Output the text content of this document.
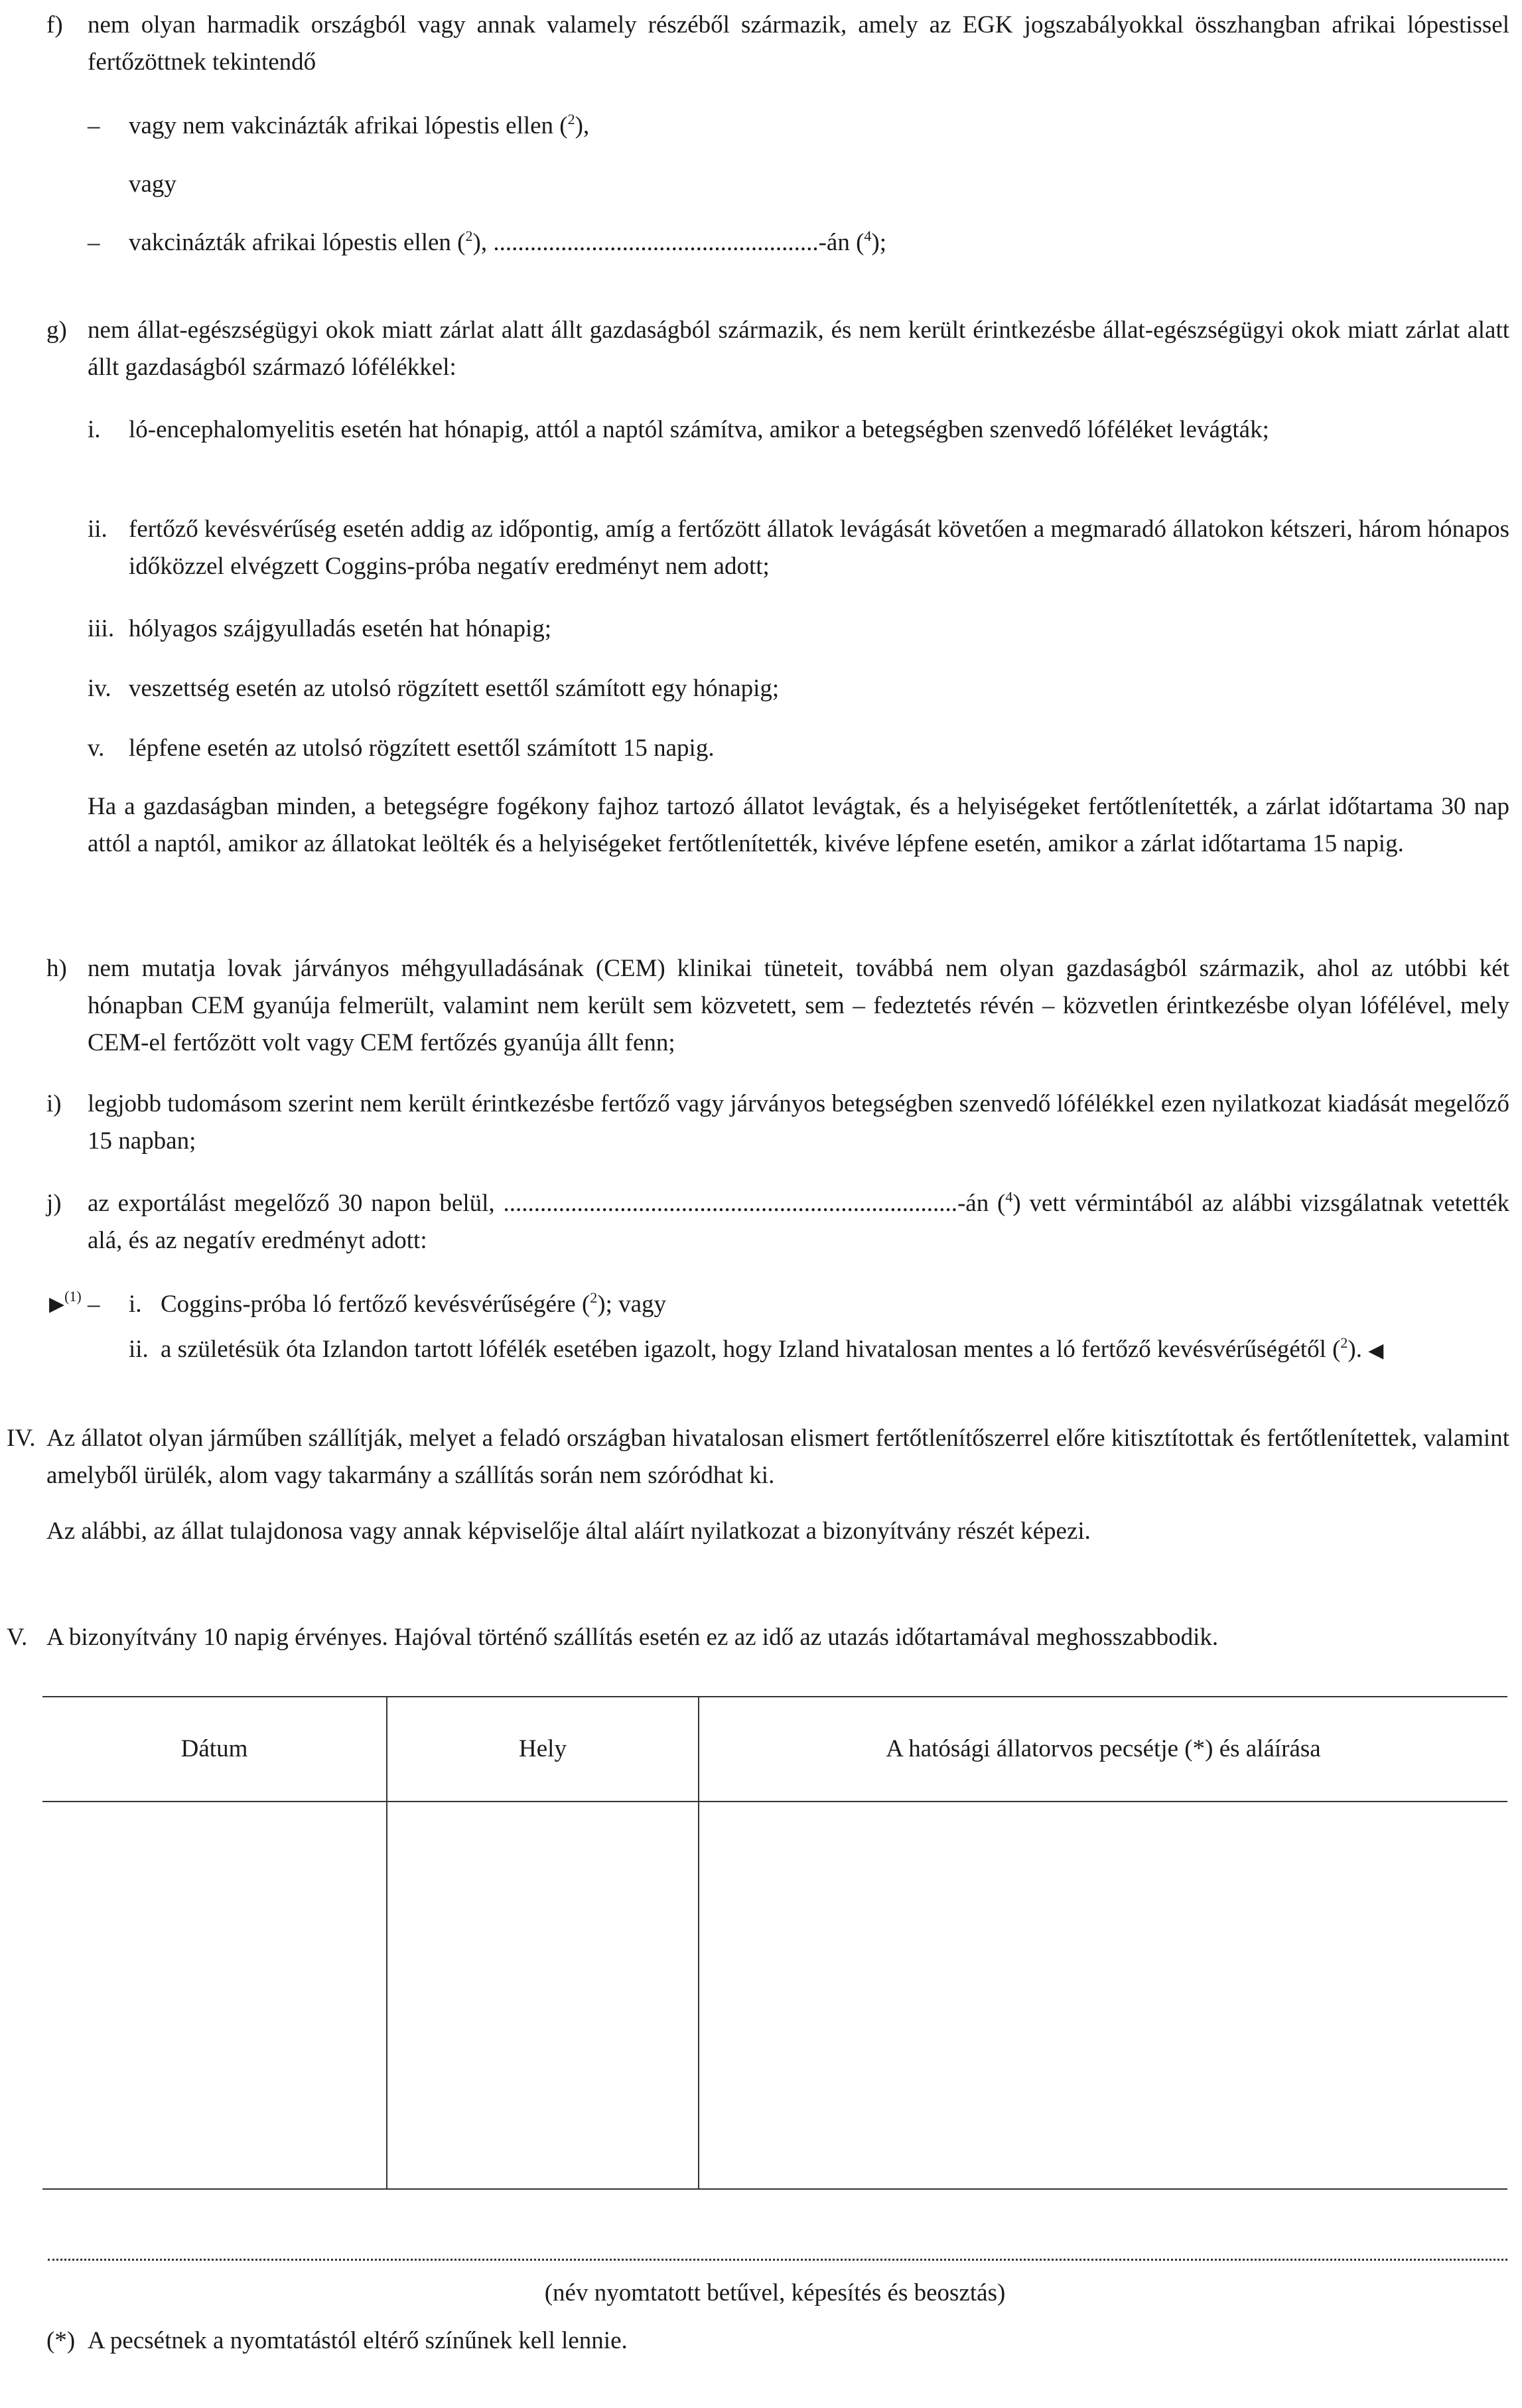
f) nem olyan harmadik országból vagy annak valamely részéből származik, amely az EGK jogszabályokkal összhangban afrikai lópestissel fertőzöttnek tekintendő
– vagy nem vakcinázták afrikai lópestis ellen ($^2$),
vagy
– vakcinázták afrikai lópestis ellen ($^2$), .....................................................-án ($^4$);
g) nem állat-egészségügyi okok miatt zárlat alatt állt gazdaságból származik, és nem került érintkezésbe állat-egészségügyi okok miatt zárlat alatt állt gazdaságból származó lófélékkel:
i. ló-encephalomyelitis esetén hat hónapig, attól a naptól számítva, amikor a betegségben szenvedő lóféléket levágták;
ii. fertőző kevésvérűség esetén addig az időpontig, amíg a fertőzött állatok levágását követően a megmaradó állatokon kétszeri, három hónapos időközzel elvégzett Coggins-próba negatív eredményt nem adott;
iii. hólyagos szájgyulladás esetén hat hónapig;
iv. veszettség esetén az utolsó rögzített esettől számított egy hónapig;
v. lépfene esetén az utolsó rögzített esettől számított 15 napig.
Ha a gazdaságban minden, a betegségre fogékony fajhoz tartozó állatot levágtak, és a helyiségeket fertőtlenítették, a zárlat időtartama 30 nap attól a naptól, amikor az állatokat leölték és a helyiségeket fertőtlenítették, kivéve lépfene esetén, amikor a zárlat időtartama 15 napig.
h) nem mutatja lovak járványos méhgyulladásának (CEM) klinikai tüneteit, továbbá nem olyan gazdaságból származik, ahol az utóbbi két hónapban CEM gyanúja felmerült, valamint nem került sem közvetett, sem – fedeztetés révén – közvetlen érintkezésbe olyan lófélével, mely CEM-el fertőzött volt vagy CEM fertőzés gyanúja állt fenn;
i) legjobb tudomásom szerint nem került érintkezésbe fertőző vagy járványos betegségben szenvedő lófélékkel ezen nyilatkozat kiadását megelőző 15 napban;
j) az exportálást megelőző 30 napon belül, ..........................................................................-án ($^4$) vett vérmintából az alábbi vizsgálatnak vetették alá, és az negatív eredményt adott:
▶$^{(1)}$ – i. Coggins-próba ló fertőző kevésvérűségére ($^2$); vagy
ii. a születésük óta Izlandon tartott lófélék esetében igazolt, hogy Izland hivatalosan mentes a ló fertőző kevésvérűségétől ($^2$). ◀
IV. Az állatot olyan járműben szállítják, melyet a feladó országban hivatalosan elismert fertőtlenítőszerrel előre kitisztítottak és fertőtlenítettek, valamint amelyből ürülék, alom vagy takarmány a szállítás során nem szóródhat ki.
Az alábbi, az állat tulajdonosa vagy annak képviselője által aláírt nyilatkozat a bizonyítvány részét képezi.
V. A bizonyítvány 10 napig érvényes. Hajóval történő szállítás esetén ez az idő az utazás időtartamával meghosszabbodik.
Dátum	Hely	A hatósági állatorvos pecsétje (*) és aláírása
(név nyomtatott betűvel, képesítés és beosztás)
(*) A pecsétnek a nyomtatástól eltérő színűnek kell lennie.
